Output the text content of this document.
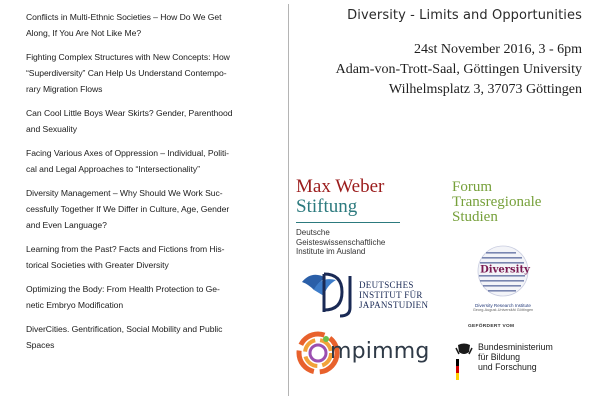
Conflicts in Multi-Ethnic Societies – How Do We Get
Along, If You Are Not Like Me?
Fighting Complex Structures with New Concepts: How
“Superdiversity” Can Help Us Understand Contempo-
rary Migration Flows
Can Cool Little Boys Wear Skirts? Gender, Parenthood
and Sexuality
Facing Various Axes of Oppression – Individual, Politi-
cal and Legal Approaches to “Intersectionality”
Diversity Management – Why Should We Work Suc-
cessfully Together If We Differ in Culture, Age, Gender
and Even Language?
Learning from the Past? Facts and Fictions from His-
torical Societies with Greater Diversity
Optimizing the Body: From Health Protection to Ge-
netic Embryo Modification
DiverCities. Gentrification, Social Mobility and Public
Spaces
Diversity - Limits and Opportunities
24st November 2016, 3 - 6pm
Adam-von-Trott-Saal, Göttingen University
Wilhelmsplatz 3, 37073 Göttingen
Max Weber
Stiftung
Deutsche
Geisteswissenschaftliche
Institute im Ausland
Forum
Transregionale
Studien
DEUTSCHES
INSTITUT FÜR
JAPANSTUDIEN
Diversity
Diversity Research Institute
Georg-August-Universität Göttingen
GEFÖRDERT VOM
mpimmg	Bundesministerium
für Bildung
und Forschung
